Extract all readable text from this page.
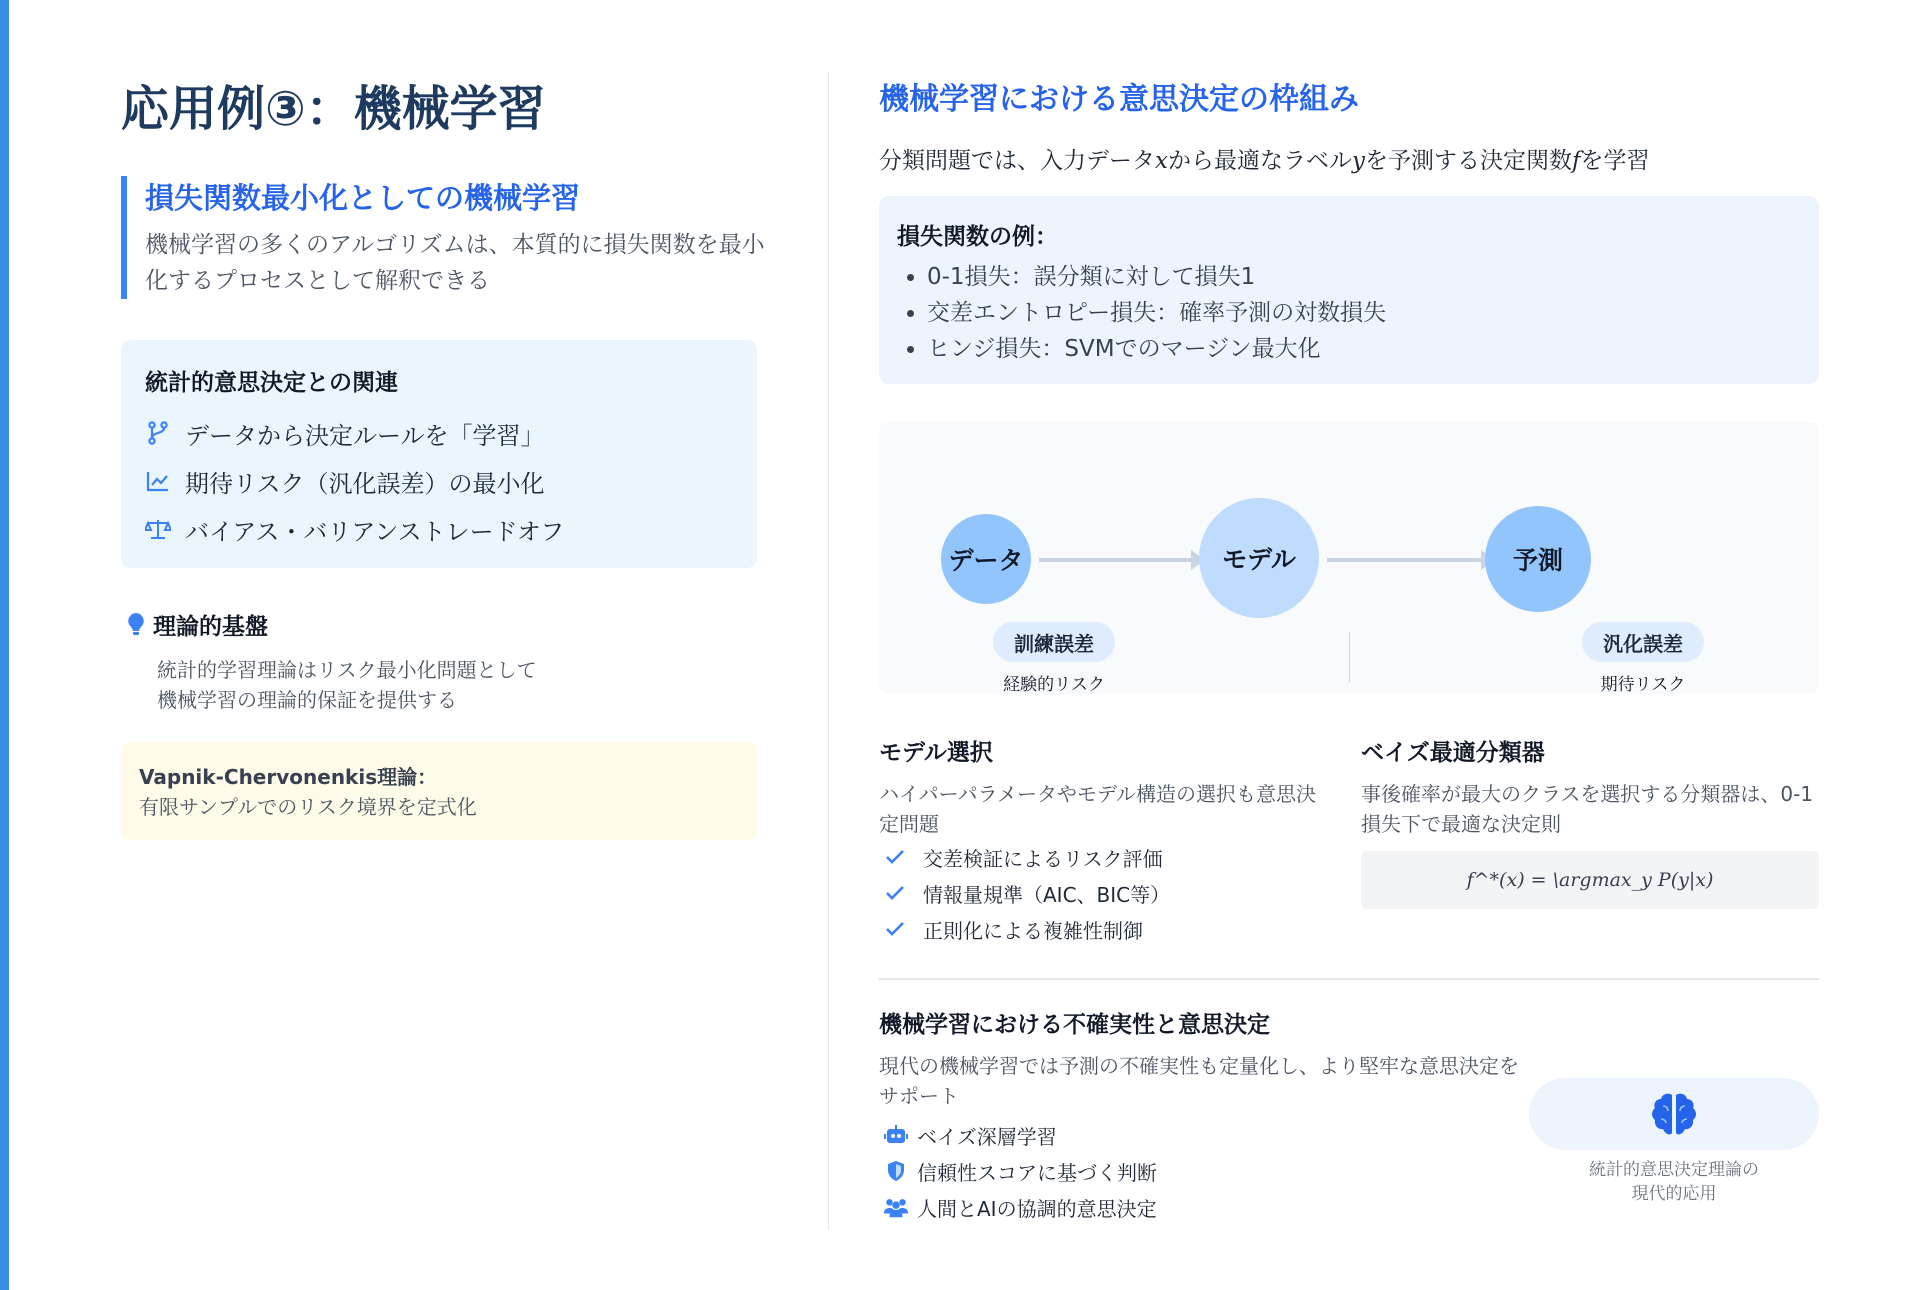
応用例③：機械学習
損失関数最小化としての機械学習

機械学習の多くのアルゴリズムは、本質的に損失関数を最小化するプロセスとして解釈できる

統計的意思決定との関連
データから決定ルールを「学習」
期待リスク（汎化誤差）の最小化
バイアス・バリアンストレードオフ
理論的基盤

統計的学習理論はリスク最小化問題として
機械学習の理論的保証を提供する

Vapnik-Chervonenkis理論：
有限サンプルでのリスク境界を定式化
機械学習における意思決定の枠組み
分類問題では、入力データxから最適なラベルyを予測する決定関数fを学習
損失関数の例：
• 0-1損失：誤分類に対して損失1
• 交差エントロピー損失：確率予測の対数損失
• ヒンジ損失：SVMでのマージン最大化
データ	モデル	予測
訓練誤差
経験的リスク
汎化誤差
期待リスク
モデル選択

ハイパーパラメータやモデル構造の選択も意思決定問題

交差検証によるリスク評価
情報量規準（AIC、BIC等）
正則化による複雑性制御
ベイズ最適分類器

事後確率が最大のクラスを選択する分類器は、0-1損失下で最適な決定則

f^*(x) = \argmax_y P(y|x)
機械学習における不確実性と意思決定

現代の機械学習では予測の不確実性も定量化し、より堅牢な意思決定をサポート

ベイズ深層学習
信頼性スコアに基づく判断
人間とAIの協調的意思決定
統計的意思決定理論の
現代的応用
